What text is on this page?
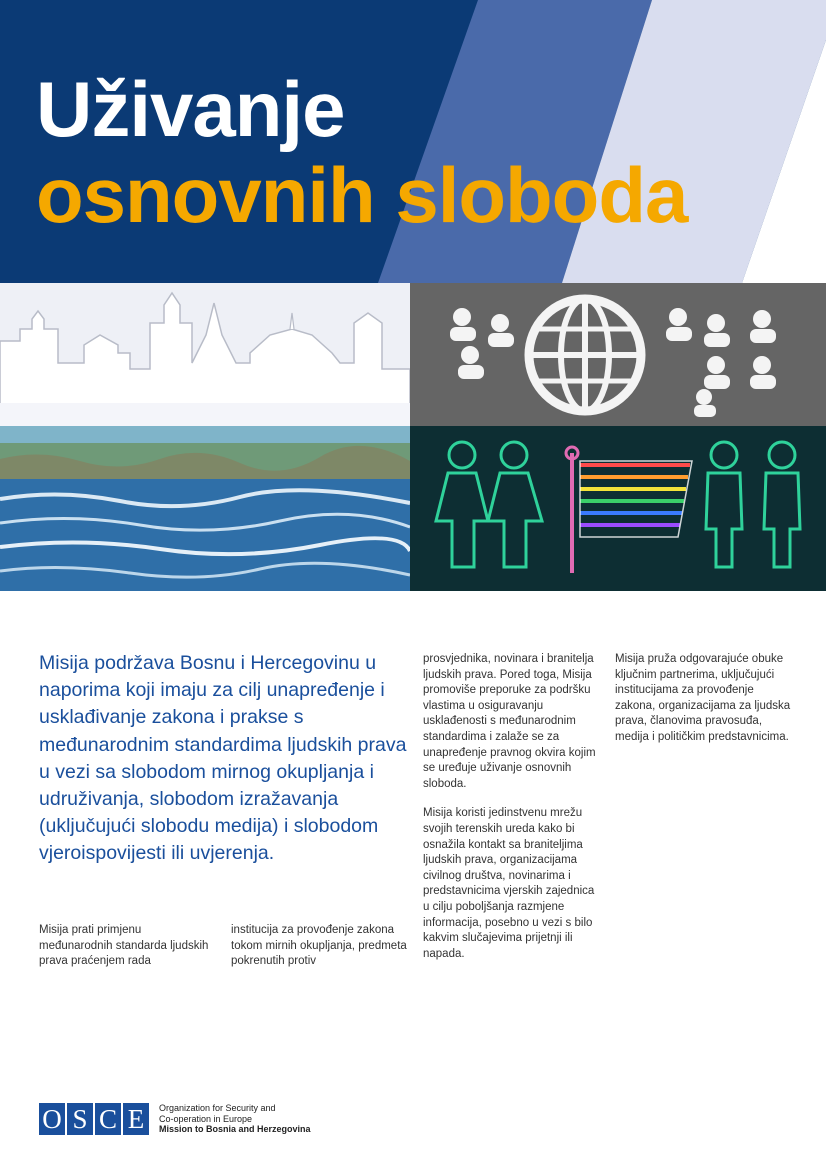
Uživanje
osnovnih sloboda
Misija podržava Bosnu i Hercegovinu u naporima koji imaju za cilj unapređenje i usklađivanje zakona i prakse s međunarodnim standardima ljudskih prava u vezi sa slobodom mirnog okupljanja i udruživanja, slobodom izražavanja (uključujući slobodu medija) i slobodom vjeroispovijesti ili uvjerenja.

Misija prati primjenu međunarodnih standarda ljudskih prava praćenjem rada

institucija za provođenje zakona tokom mirnih okupljanja, predmeta pokrenutih protiv

prosvjednika, novinara i branitelja ljudskih prava. Pored toga, Misija promoviše preporuke za podršku vlastima u osiguravanju usklađenosti s međunarodnim standardima i zalaže se za unapređenje pravnog okvira kojim se uređuje uživanje osnovnih sloboda.

Misija koristi jedinstvenu mrežu svojih terenskih ureda kako bi osnažila kontakt sa braniteljima ljudskih prava, organizacijama civilnog društva, novinarima i predstavnicima vjerskih zajednica u cilju poboljšanja razmjene informacija, posebno u vezi s bilo kakvim slučajevima prijetnji ili napada.

Misija pruža odgovarajuće obuke ključnim partnerima, uključujući institucijama za provođenje zakona, organizacijama za ljudska prava, članovima pravosuđa, medija i političkim predstavnicima.

O S C E	Organization for Security and
Co-operation in Europe
Mission to Bosnia and Herzegovina
